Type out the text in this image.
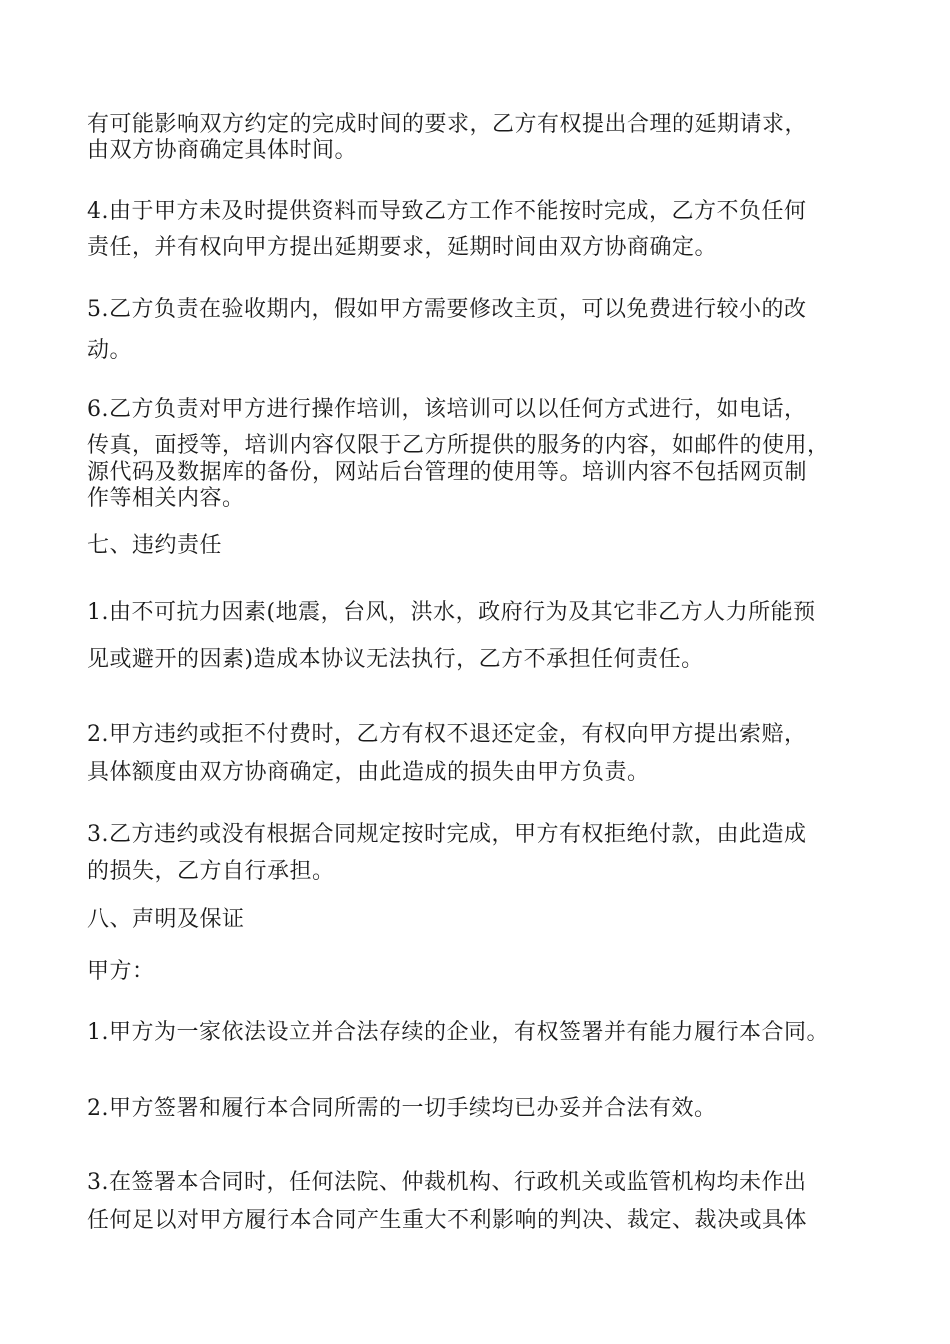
有可能影响双方约定的完成时间的要求，乙方有权提出合理的延期请求，
由双方协商确定具体时间。
4.由于甲方未及时提供资料而导致乙方工作不能按时完成，乙方不负任何
责任，并有权向甲方提出延期要求，延期时间由双方协商确定。
5.乙方负责在验收期内，假如甲方需要修改主页，可以免费进行较小的改
动。
6.乙方负责对甲方进行操作培训，该培训可以以任何方式进行，如电话，
传真，面授等，培训内容仅限于乙方所提供的服务的内容，如邮件的使用，
源代码及数据库的备份，网站后台管理的使用等。培训内容不包括网页制
作等相关内容。
七、违约责任
1.由不可抗力因素(地震，台风，洪水，政府行为及其它非乙方人力所能预
见或避开的因素)造成本协议无法执行，乙方不承担任何责任。
2.甲方违约或拒不付费时，乙方有权不退还定金，有权向甲方提出索赔，
具体额度由双方协商确定，由此造成的损失由甲方负责。
3.乙方违约或没有根据合同规定按时完成，甲方有权拒绝付款，由此造成
的损失，乙方自行承担。
八、声明及保证
甲方：
1.甲方为一家依法设立并合法存续的企业，有权签署并有能力履行本合同。
2.甲方签署和履行本合同所需的一切手续均已办妥并合法有效。
3.在签署本合同时，任何法院、仲裁机构、行政机关或监管机构均未作出
任何足以对甲方履行本合同产生重大不利影响的判决、裁定、裁决或具体
